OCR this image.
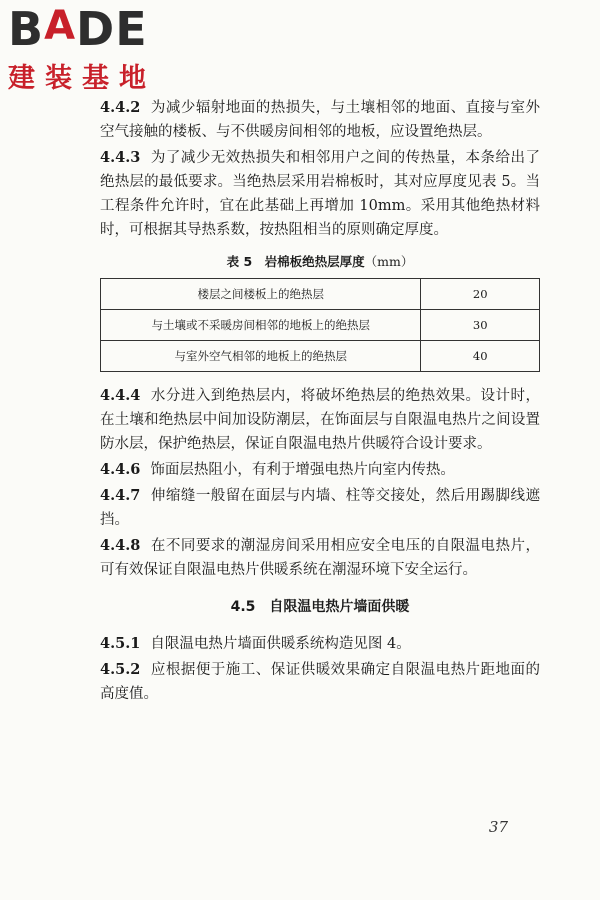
B A DE
建装基地

4.4.2 为减少辐射地面的热损失，与土壤相邻的地面、直接与室外空气接触的楼板、与不供暖房间相邻的地板，应设置绝热层。

4.4.3 为了减少无效热损失和相邻用户之间的传热量，本条给出了绝热层的最低要求。当绝热层采用岩棉板时，其对应厚度见表 5。当工程条件允许时，宜在此基础上再增加 10mm。采用其他绝热材料时，可根据其导热系数，按热阻相当的原则确定厚度。

表 5　岩棉板绝热层厚度（mm）
楼层之间楼板上的绝热层	20
与土壤或不采暖房间相邻的地板上的绝热层	30
与室外空气相邻的地板上的绝热层	40

4.4.4 水分进入到绝热层内，将破坏绝热层的绝热效果。设计时，在土壤和绝热层中间加设防潮层，在饰面层与自限温电热片之间设置防水层，保护绝热层，保证自限温电热片供暖符合设计要求。

4.4.6 饰面层热阻小，有利于增强电热片向室内传热。

4.4.7 伸缩缝一般留在面层与内墙、柱等交接处，然后用踢脚线遮挡。

4.4.8 在不同要求的潮湿房间采用相应安全电压的自限温电热片，可有效保证自限温电热片供暖系统在潮湿环境下安全运行。

4.5　自限温电热片墙面供暖

4.5.1 自限温电热片墙面供暖系统构造见图 4。

4.5.2 应根据便于施工、保证供暖效果确定自限温电热片距地面的高度值。

37
